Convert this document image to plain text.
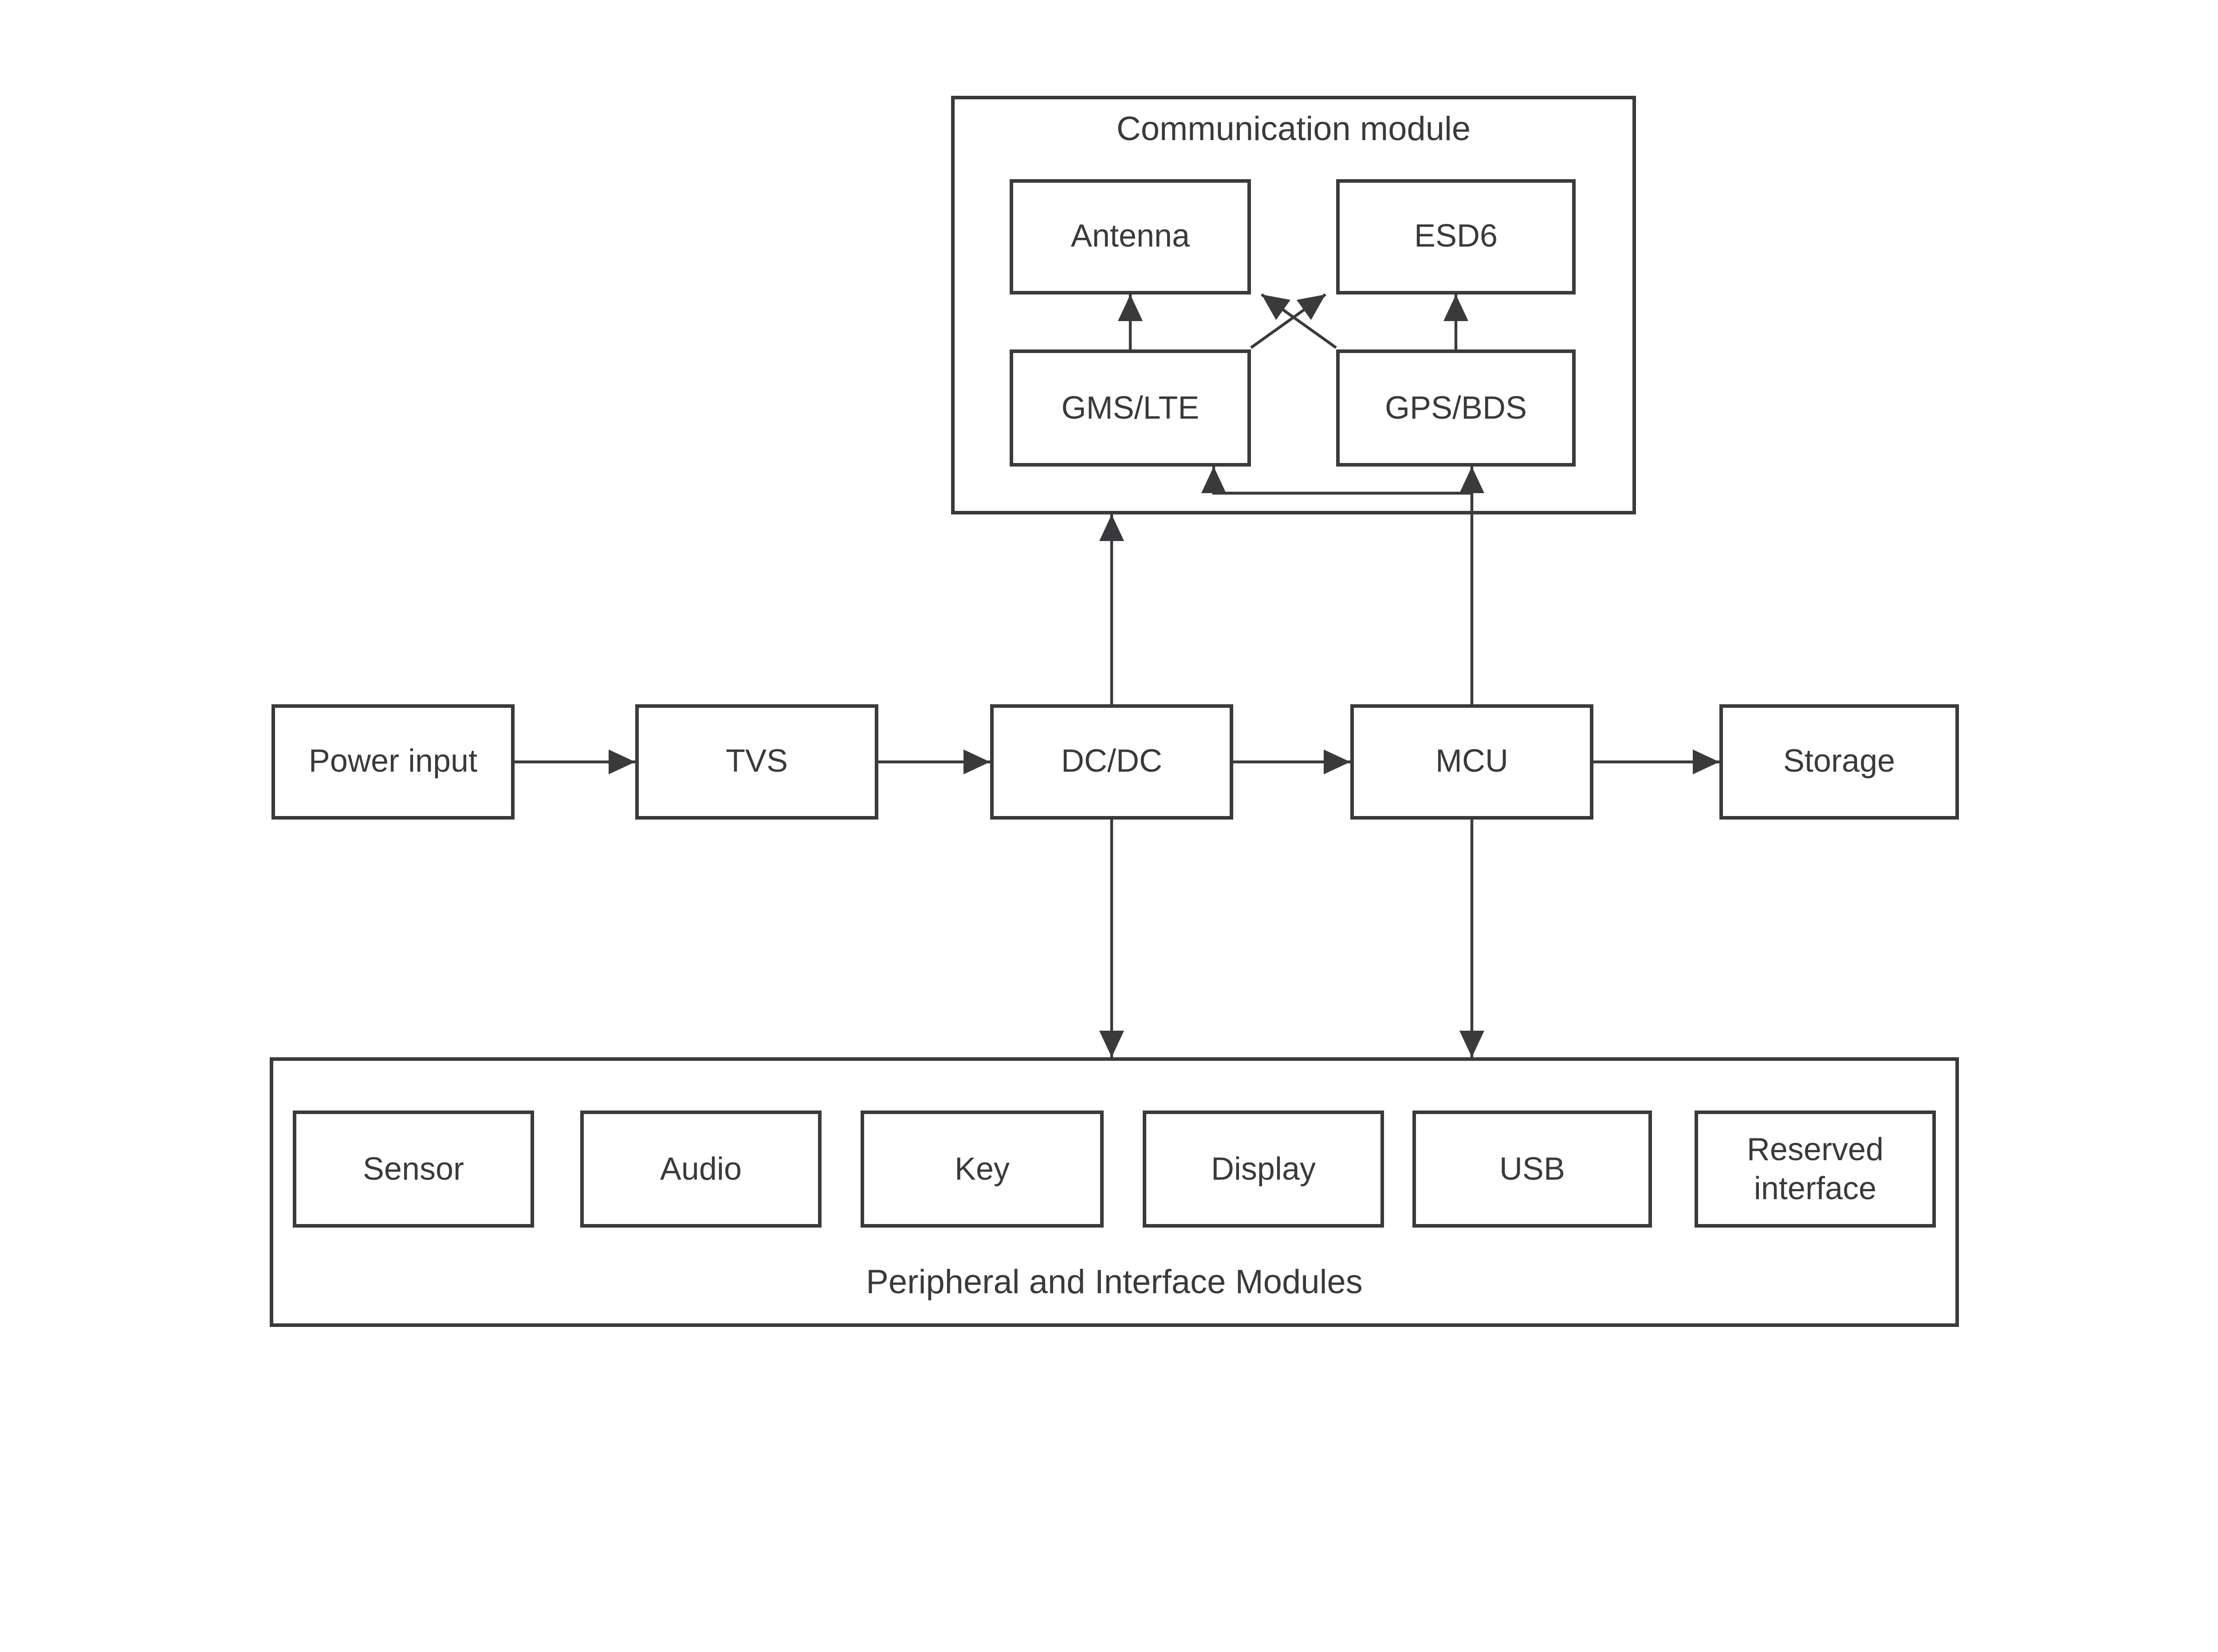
Communication module
Antenna	ESD6
GMS/LTE	GPS/BDS
Power input	TVS	DC/DC	MCU	Storage
Peripheral and Interface Modules
Sensor	Audio	Key	Display	USB
Reserved interface
